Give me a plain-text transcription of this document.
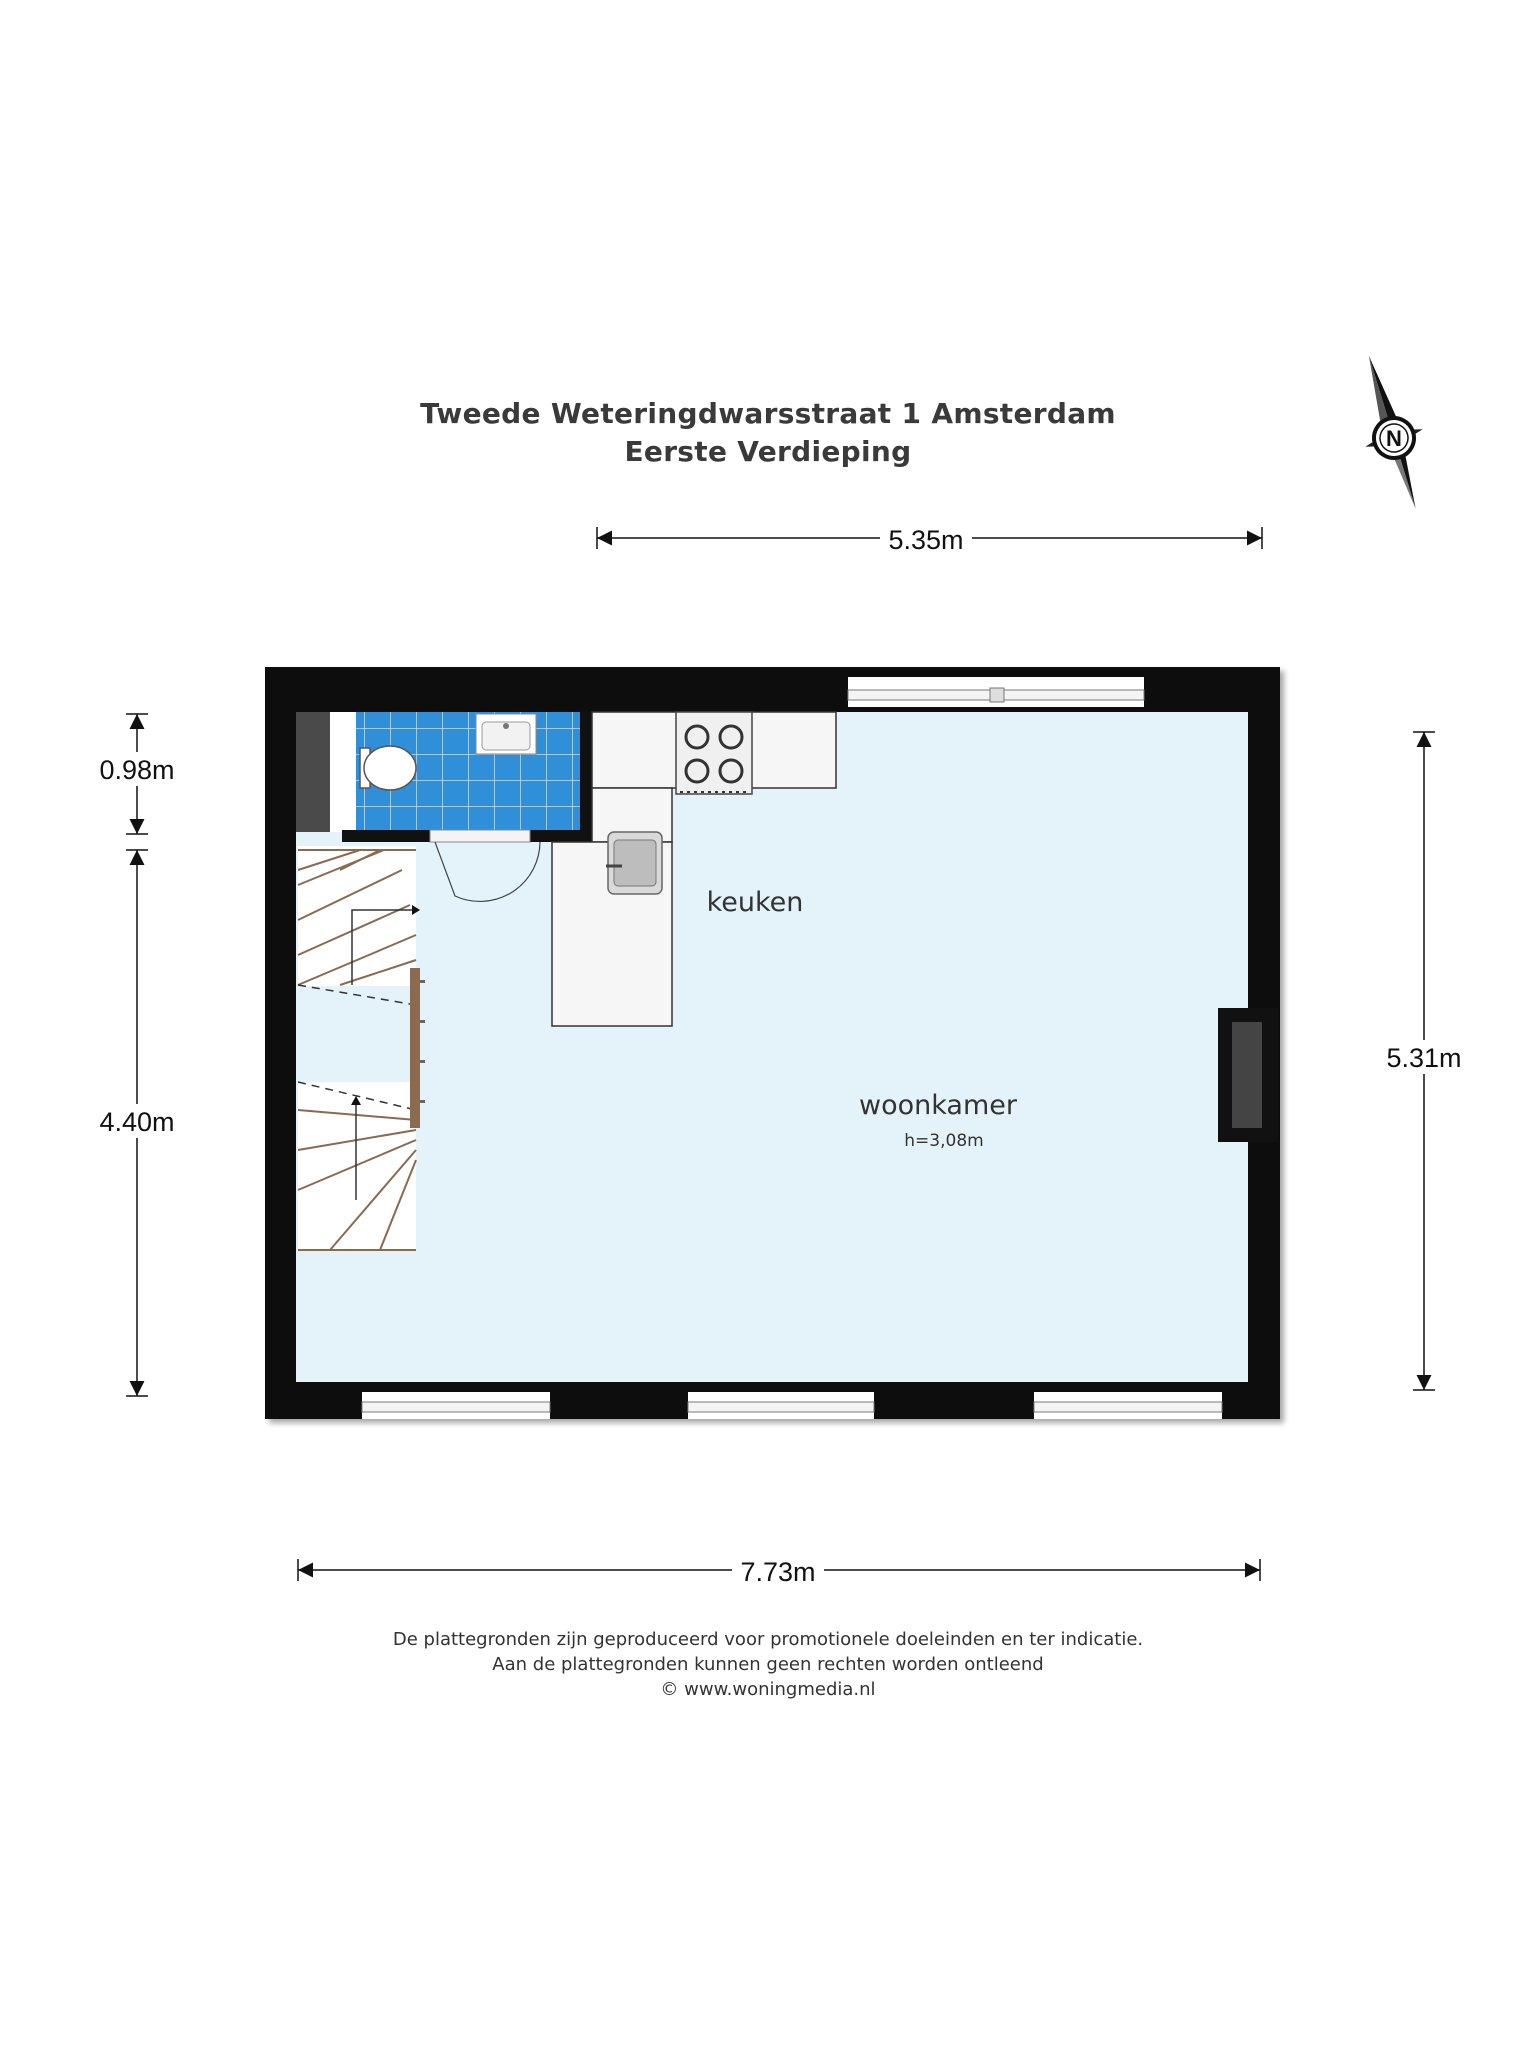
Tweede Weteringdwarsstraat 1 Amsterdam
Eerste Verdieping
keuken
woonkamer
h=3,08m
5.35m
7.73m
0.98m
4.40m
5.31m
N
De plattegronden zijn geproduceerd voor promotionele doeleinden en ter indicatie.
Aan de plattegronden kunnen geen rechten worden ontleend
© www.woningmedia.nl
